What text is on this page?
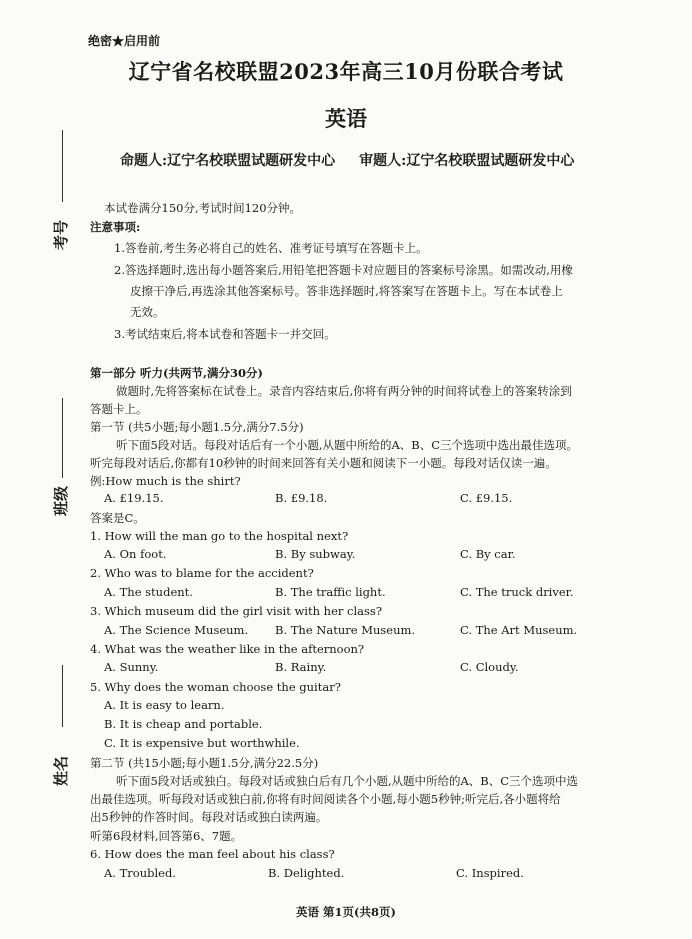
绝密★启用前
辽宁省名校联盟2023年高三10月份联合考试
英语
命题人:辽宁名校联盟试题研发中心 审题人:辽宁名校联盟试题研发中心
考号
班级
姓名
本试卷满分150分,考试时间120分钟。
注意事项:
1.答卷前,考生务必将自己的姓名、准考证号填写在答题卡上。
2.答选择题时,选出每小题答案后,用铅笔把答题卡对应题目的答案标号涂黑。如需改动,用橡
皮擦干净后,再选涂其他答案标号。答非选择题时,将答案写在答题卡上。写在本试卷上
无效。
3.考试结束后,将本试卷和答题卡一并交回。
第一部分 听力(共两节,满分30分)
做题时,先将答案标在试卷上。录音内容结束后,你将有两分钟的时间将试卷上的答案转涂到
答题卡上。
第一节 (共5小题;每小题1.5分,满分7.5分)
听下面5段对话。每段对话后有一个小题,从题中所给的A、B、C三个选项中选出最佳选项。
听完每段对话后,你都有10秒钟的时间来回答有关小题和阅读下一小题。每段对话仅读一遍。
例:How much is the shirt?
A. £19.15.	B. £9.18.	C. £9.15.
答案是C。
1. How will the man go to the hospital next?
A. On foot.	B. By subway.	C. By car.
2. Who was to blame for the accident?
A. The student.	B. The traffic light.	C. The truck driver.
3. Which museum did the girl visit with her class?
A. The Science Museum. B. The Nature Museum.	C. The Art Museum.
4. What was the weather like in the afternoon?
A. Sunny.	B. Rainy.	C. Cloudy.
5. Why does the woman choose the guitar?
A. It is easy to learn.
B. It is cheap and portable.
C. It is expensive but worthwhile.
第二节 (共15小题;每小题1.5分,满分22.5分)
听下面5段对话或独白。每段对话或独白后有几个小题,从题中所给的A、B、C三个选项中选
出最佳选项。听每段对话或独白前,你将有时间阅读各个小题,每小题5秒钟;听完后,各小题将给
出5秒钟的作答时间。每段对话或独白读两遍。
听第6段材料,回答第6、7题。
6. How does the man feel about his class?
A. Troubled.	B. Delighted.	C. Inspired.
英语 第1页(共8页)
